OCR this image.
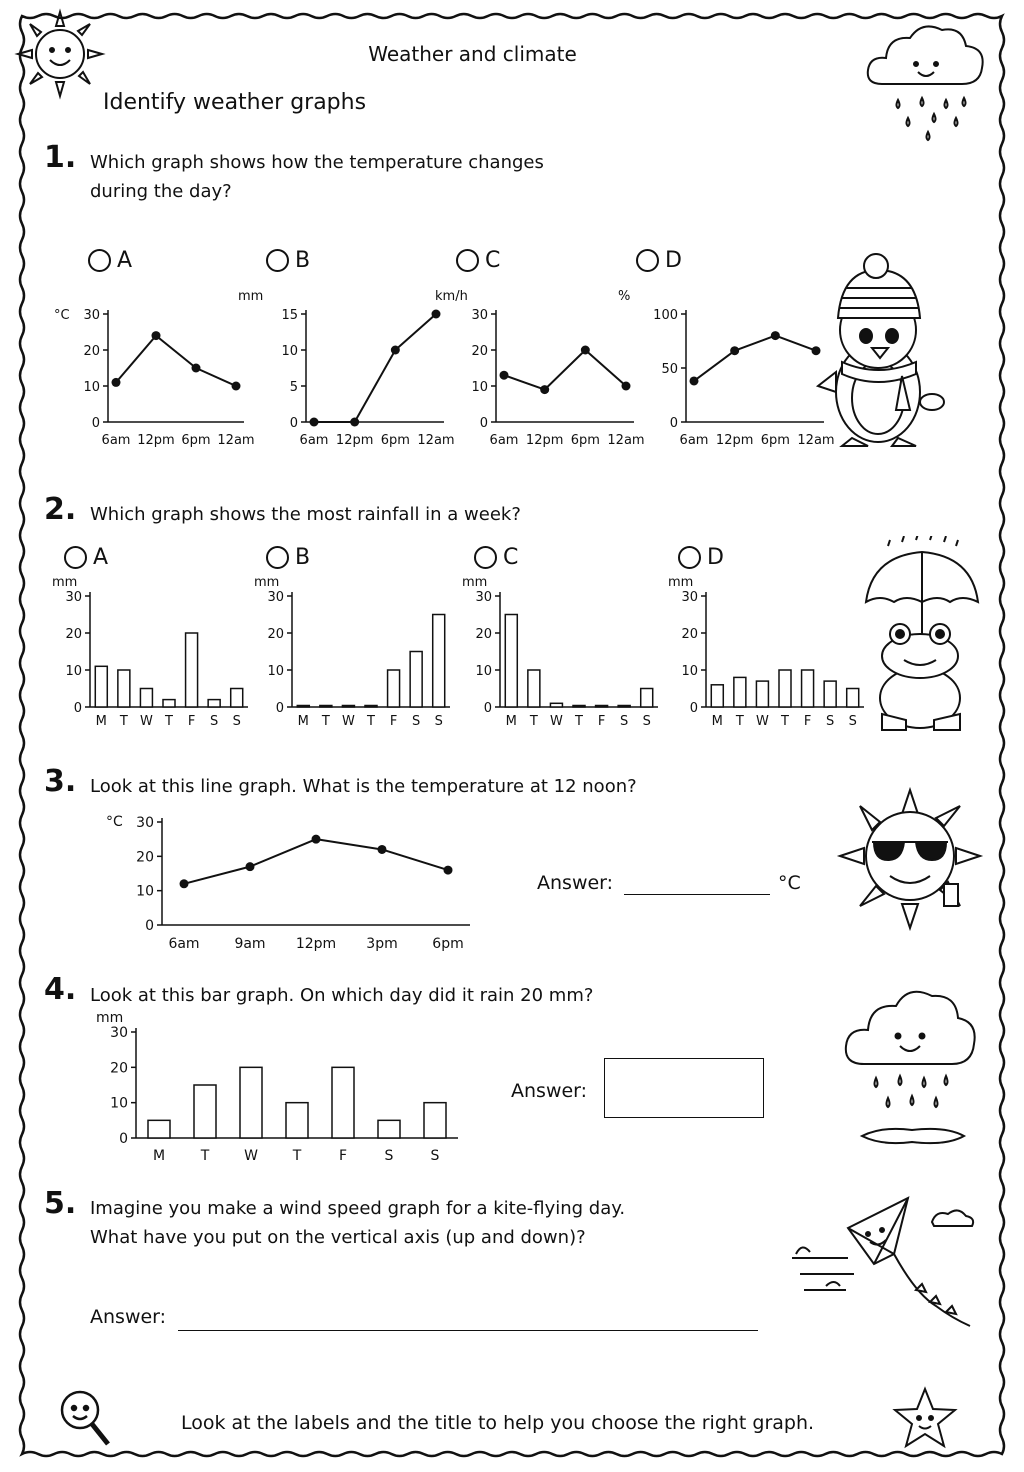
Weather and climate
Identify weather graphs
1. Which graph shows how the temperature changes
during the day?
A
°C 30
20
10
0
6am 12pm 6pm 12am
B
mm
15
10
5
0
6am 12pm 6pm 12am
C
km/h
30
20
10
0
6am 12pm 6pm 12am
D
%
100
50
0
6am 12pm 6pm 12am
2. Which graph shows the most rainfall in a week?
A
mm
30
20
10
0
M T W T F S S
B
mm
30
20
10
0
M T W T F S S
C
mm
30
20
10
0
M T W T F S S
D
mm
30
20
10
0
M T W T F S S
3. Look at this line graph. What is the temperature at 12 noon?
°C 30
20
10
0
6am 9am 12pm 3pm 6pm
Answer:	°C
4. Look at this bar graph. On which day did it rain 20 mm?
mm
30
20
10
0
M	T W T	F	S	S
Answer:
5. Imagine you make a wind speed graph for a kite-flying day.
What have you put on the vertical axis (up and down)?
Answer:
Look at the labels and the title to help you choose the right graph.
